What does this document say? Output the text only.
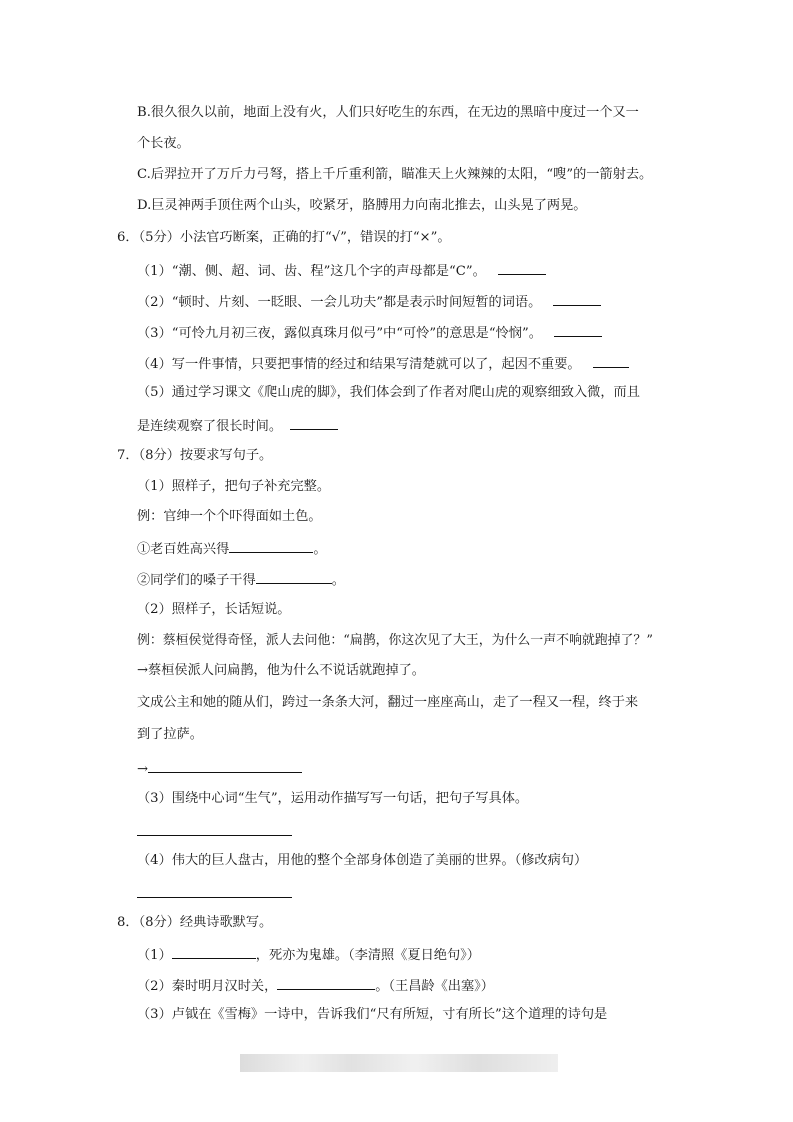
B.很久很久以前，地面上没有火，人们只好吃生的东西，在无边的黑暗中度过一个又一
个长夜。
C.后羿拉开了万斤力弓弩，搭上千斤重利箭，瞄准天上火辣辣的太阳，“嗖”的一箭射去。
D.巨灵神两手顶住两个山头，咬紧牙，胳膊用力向南北推去，山头晃了两晃。
6．（5分）小法官巧断案，正确的打“√”，错误的打“×”。
（1）“潮、侧、超、词、齿、程”这几个字的声母都是“C”。
（2）“顿时、片刻、一眨眼、一会儿功夫”都是表示时间短暂的词语。
（3）“可怜九月初三夜，露似真珠月似弓”中“可怜”的意思是“怜悯”。
（4）写一件事情，只要把事情的经过和结果写清楚就可以了，起因不重要。
（5）通过学习课文《爬山虎的脚》，我们体会到了作者对爬山虎的观察细致入微，而且
是连续观察了很长时间。
7．（8分）按要求写句子。
（1）照样子，把句子补充完整。
例：官绅一个个吓得面如土色。
①老百姓高兴得	。
②同学们的嗓子干得	。
（2）照样子，长话短说。
例：蔡桓侯觉得奇怪，派人去问他：“扁鹊，你这次见了大王，为什么一声不响就跑掉了？”
→蔡桓侯派人问扁鹊，他为什么不说话就跑掉了。
文成公主和她的随从们，跨过一条条大河，翻过一座座高山，走了一程又一程，终于来
到了拉萨。
→
（3）围绕中心词“生气”，运用动作描写写一句话，把句子写具体。
（4）伟大的巨人盘古，用他的整个全部身体创造了美丽的世界。（修改病句）
8．（8分）经典诗歌默写。
（1）	，死亦为鬼雄。（李清照《夏日绝句》）
（2）秦时明月汉时关，	。（王昌龄《出塞》）
（3）卢钺在《雪梅》一诗中，告诉我们“尺有所短，寸有所长”这个道理的诗句是
